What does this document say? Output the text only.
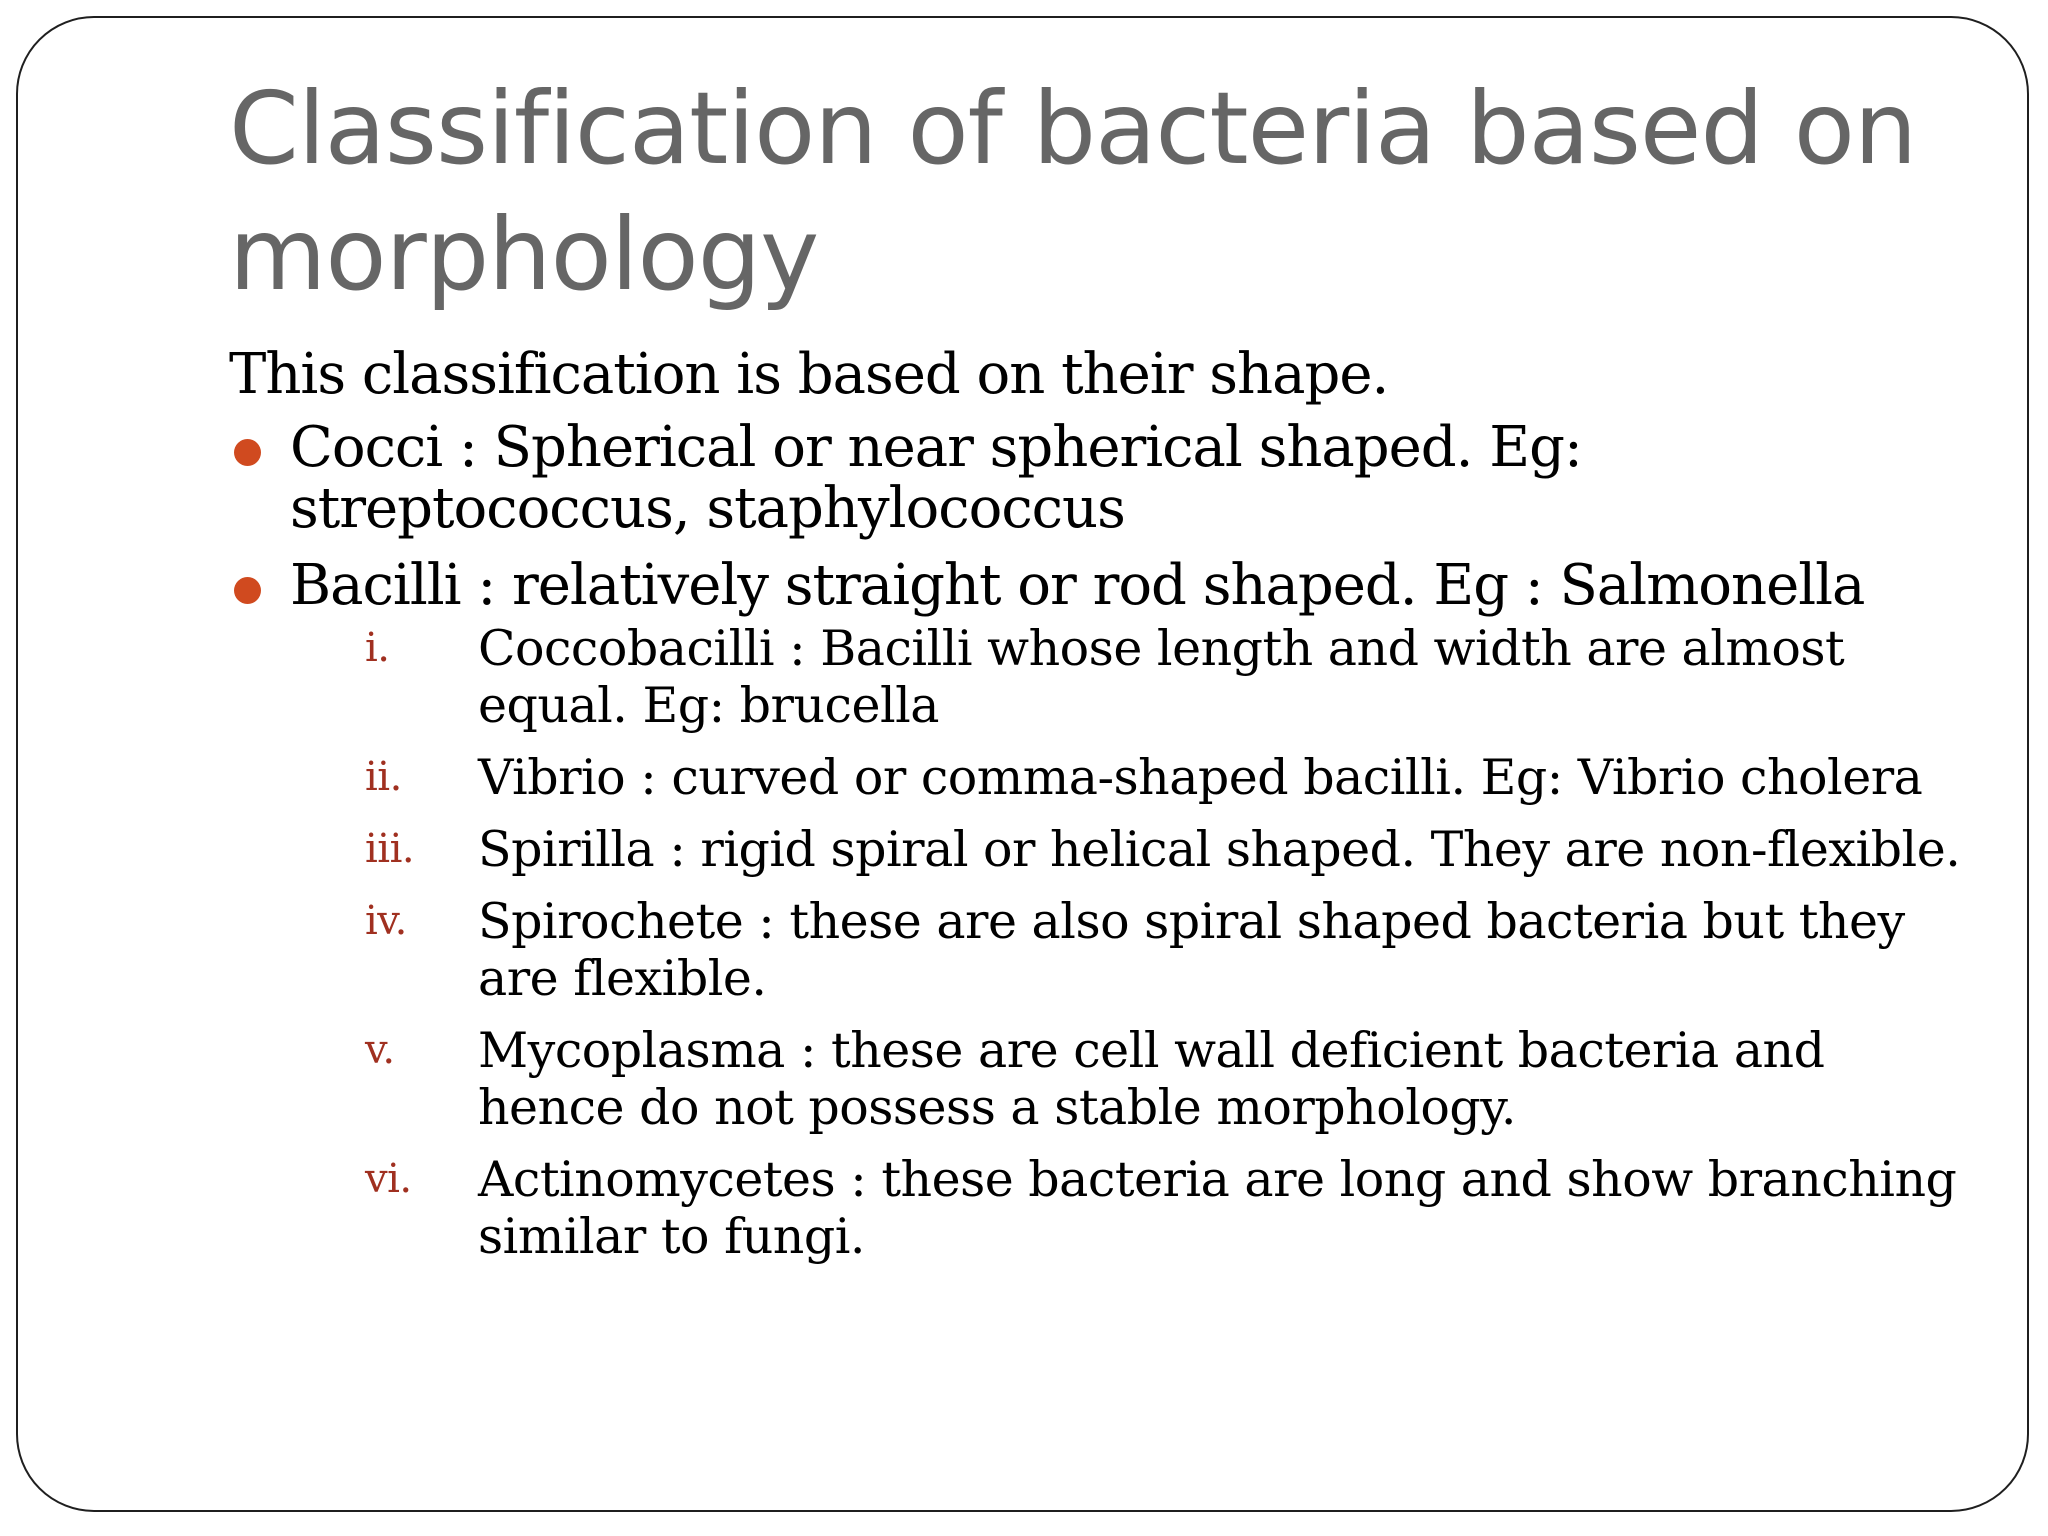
Classification of bacteria based on morphology

This classification is based on their shape.

Cocci : Spherical or near spherical shaped. Eg: streptococcus, staphylococcus
Bacilli : relatively straight or rod shaped. Eg : Salmonella
i. Coccobacilli : Bacilli whose length and width are almost equal. Eg: brucella
ii. Vibrio : curved or comma-shaped bacilli. Eg: Vibrio cholera
iii. Spirilla : rigid spiral or helical shaped. They are non-flexible.
iv. Spirochete : these are also spiral shaped bacteria but they are flexible.
v. Mycoplasma : these are cell wall deficient bacteria and hence do not possess a stable morphology.
vi. Actinomycetes : these bacteria are long and show branching similar to fungi.
